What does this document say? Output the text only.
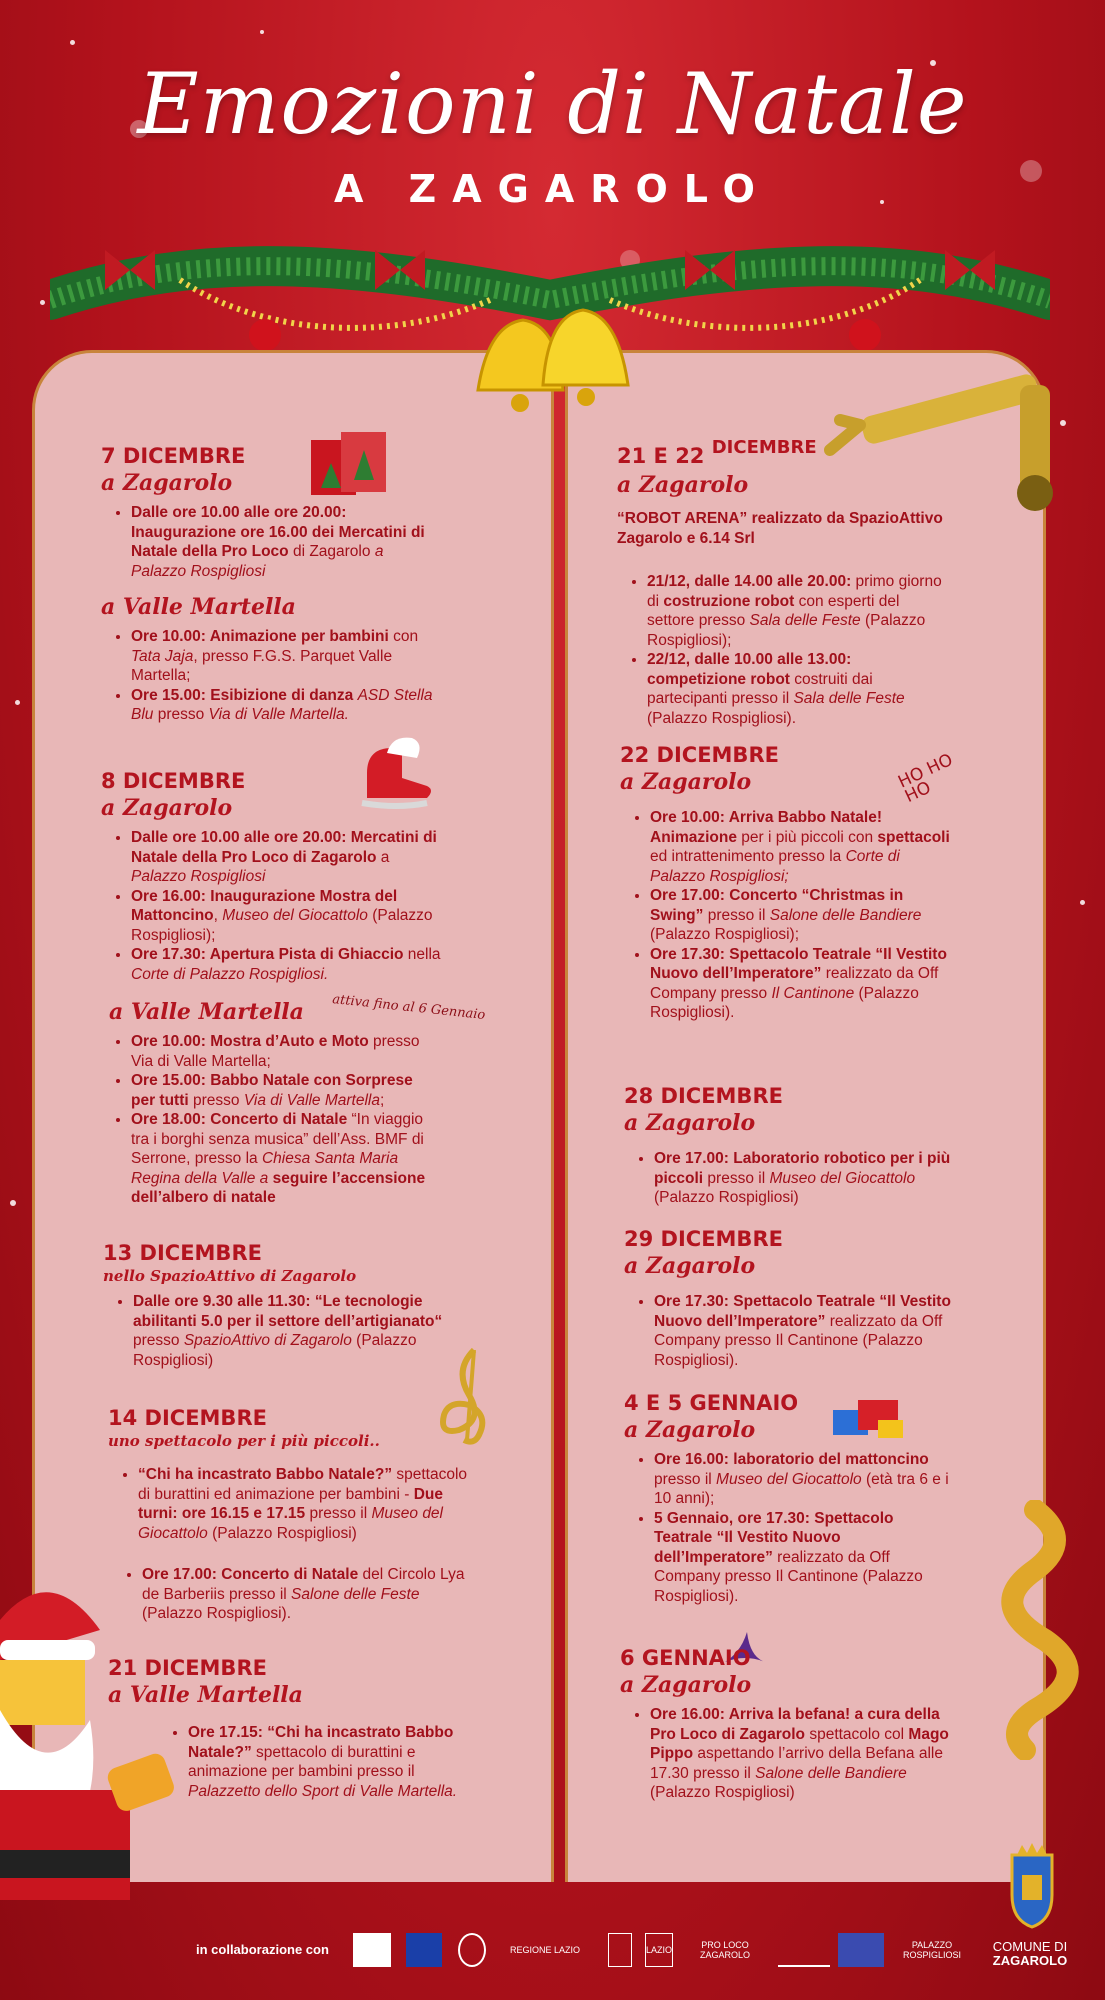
Emozioni di Natale
A ZAGAROLO

7 DICEMBRE

a Zagarolo

• Dalle ore 10.00 alle ore 20.00: Inaugurazione ore 16.00 dei Mercatini di Natale della Pro Loco di Zagarolo a Palazzo Rospigliosi

a Valle Martella

• Ore 10.00: Animazione per bambini con Tata Jaja, presso F.G.S. Parquet Valle Martella;
• Ore 15.00: Esibizione di danza ASD Stella Blu presso Via di Valle Martella.

8 DICEMBRE

a Zagarolo

• Dalle ore 10.00 alle ore 20.00: Mercatini di Natale della Pro Loco di Zagarolo a Palazzo Rospigliosi
• Ore 16.00: Inaugurazione Mostra del Mattoncino, Museo del Giocattolo (Palazzo Rospigliosi);
• Ore 17.30: Apertura Pista di Ghiaccio nella Corte di Palazzo Rospigliosi.

a Valle Martella

• Ore 10.00: Mostra d’Auto e Moto presso Via di Valle Martella;
• Ore 15.00: Babbo Natale con Sorprese per tutti presso Via di Valle Martella;
• Ore 18.00: Concerto di Natale “In viaggio tra i borghi senza musica” dell’Ass. BMF di Serrone, presso la Chiesa Santa Maria Regina della Valle a seguire l’accensione dell’albero di natale
attiva fino al 6 Gennaio

13 DICEMBRE

nello SpazioAttivo di Zagarolo

• Dalle ore 9.30 alle 11.30: “Le tecnologie abilitanti 5.0 per il settore dell’artigianato“ presso SpazioAttivo di Zagarolo (Palazzo Rospigliosi)

14 DICEMBRE

uno spettacolo per i più piccoli..

• “Chi ha incastrato Babbo Natale?” spettacolo di burattini ed animazione per bambini - Due turni: ore 16.15 e 17.15 presso il Museo del Giocattolo (Palazzo Rospigliosi)
• Ore 17.00: Concerto di Natale del Circolo Lya de Barberiis presso il Salone delle Feste (Palazzo Rospigliosi).

21 DICEMBRE

a Valle Martella

• Ore 17.15: “Chi ha incastrato Babbo Natale?” spettacolo di burattini e animazione per bambini presso il Palazzetto dello Sport di Valle Martella.

21 E 22 DICEMBRE

a Zagarolo

“ROBOT ARENA” realizzato da SpazioAttivo Zagarolo e 6.14 Srl

• 21/12, dalle 14.00 alle 20.00: primo giorno di costruzione robot con esperti del settore presso Sala delle Feste (Palazzo Rospigliosi);
• 22/12, dalle 10.00 alle 13.00: competizione robot costruiti dai partecipanti presso il Sala delle Feste (Palazzo Rospigliosi).

22 DICEMBRE

a Zagarolo

• Ore 10.00: Arriva Babbo Natale! Animazione per i più piccoli con spettacoli ed intrattenimento presso la Corte di Palazzo Rospigliosi;
• Ore 17.00: Concerto “Christmas in Swing” presso il Salone delle Bandiere (Palazzo Rospigliosi);
• Ore 17.30: Spettacolo Teatrale “Il Vestito Nuovo dell’Imperatore” realizzato da Off Company presso Il Cantinone (Palazzo Rospigliosi).
HO HO HO

28 DICEMBRE

a Zagarolo

• Ore 17.00: Laboratorio robotico per i più piccoli presso il Museo del Giocattolo (Palazzo Rospigliosi)

29 DICEMBRE

a Zagarolo

• Ore 17.30: Spettacolo Teatrale “Il Vestito Nuovo dell’Imperatore” realizzato da Off Company presso Il Cantinone (Palazzo Rospigliosi).

4 E 5 GENNAIO

a Zagarolo

• Ore 16.00: laboratorio del mattoncino presso il Museo del Giocattolo (età tra 6 e i 10 anni);
• 5 Gennaio, ore 17.30: Spettacolo Teatrale “Il Vestito Nuovo dell’Imperatore” realizzato da Off Company presso Il Cantinone (Palazzo Rospigliosi).

6 GENNAIO

a Zagarolo

• Ore 16.00: Arriva la befana! a cura della Pro Loco di Zagarolo spettacolo col Mago Pippo aspettando l’arrivo della Befana alle 17.30 presso il Salone delle Bandiere (Palazzo Rospigliosi)
in collaborazione con	REGIONE LAZIO	LAZIO	PRO LOCO ZAGAROLO
PALAZZO ROSPIGLIOSI
COMUNE DI
ZAGAROLO
